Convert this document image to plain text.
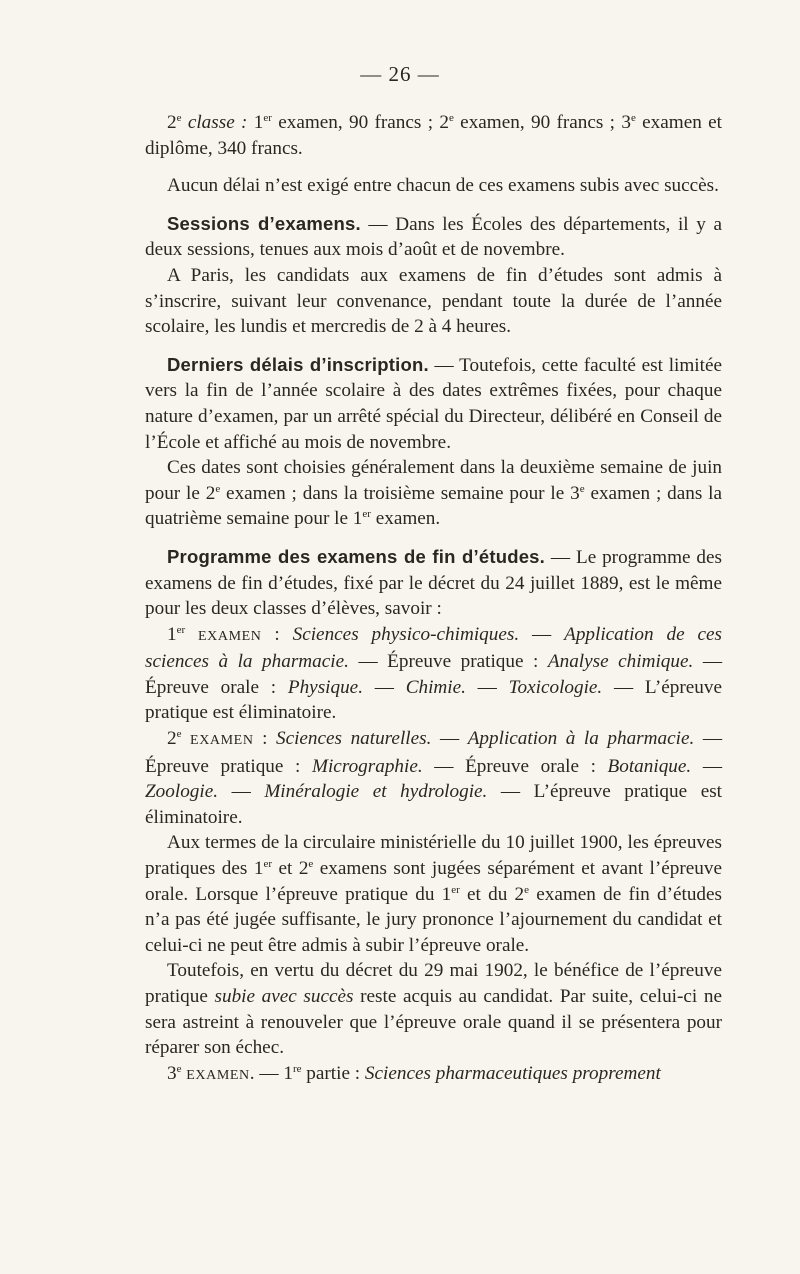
— 26 —

2e classe : 1er examen, 90 francs ; 2e examen, 90 francs ; 3e examen et diplôme, 340 francs.

Aucun délai n’est exigé entre chacun de ces examens subis avec succès.

Sessions d’examens. — Dans les Écoles des départements, il y a deux sessions, tenues aux mois d’août et de novembre.

A Paris, les candidats aux examens de fin d’études sont admis à s’inscrire, suivant leur convenance, pendant toute la durée de l’année scolaire, les lundis et mercredis de 2 à 4 heures.

Derniers délais d’inscription. — Toutefois, cette faculté est limitée vers la fin de l’année scolaire à des dates extrêmes fixées, pour chaque nature d’examen, par un arrêté spécial du Directeur, délibéré en Conseil de l’École et affiché au mois de novembre.

Ces dates sont choisies généralement dans la deuxième semaine de juin pour le 2e examen ; dans la troisième semaine pour le 3e examen ; dans la quatrième semaine pour le 1er examen.

Programme des examens de fin d’études. — Le programme des examens de fin d’études, fixé par le décret du 24 juillet 1889, est le même pour les deux classes d’élèves, savoir :

1er EXAMEN : Sciences physico-chimiques. — Application de ces sciences à la pharmacie. — Épreuve pratique : Analyse chimique. — Épreuve orale : Physique. — Chimie. — Toxicologie. — L’épreuve pratique est éliminatoire.

2e EXAMEN : Sciences naturelles. — Application à la pharmacie. — Épreuve pratique : Micrographie. — Épreuve orale : Botanique. — Zoologie. — Minéralogie et hydrologie. — L’épreuve pratique est éliminatoire.

Aux termes de la circulaire ministérielle du 10 juillet 1900, les épreuves pratiques des 1er et 2e examens sont jugées séparément et avant l’épreuve orale. Lorsque l’épreuve pratique du 1er et du 2e examen de fin d’études n’a pas été jugée suffisante, le jury prononce l’ajournement du candidat et celui-ci ne peut être admis à subir l’épreuve orale.

Toutefois, en vertu du décret du 29 mai 1902, le bénéfice de l’épreuve pratique subie avec succès reste acquis au candidat. Par suite, celui-ci ne sera astreint à renouveler que l’épreuve orale quand il se présentera pour réparer son échec.

3e EXAMEN. — 1re partie : Sciences pharmaceutiques proprement
